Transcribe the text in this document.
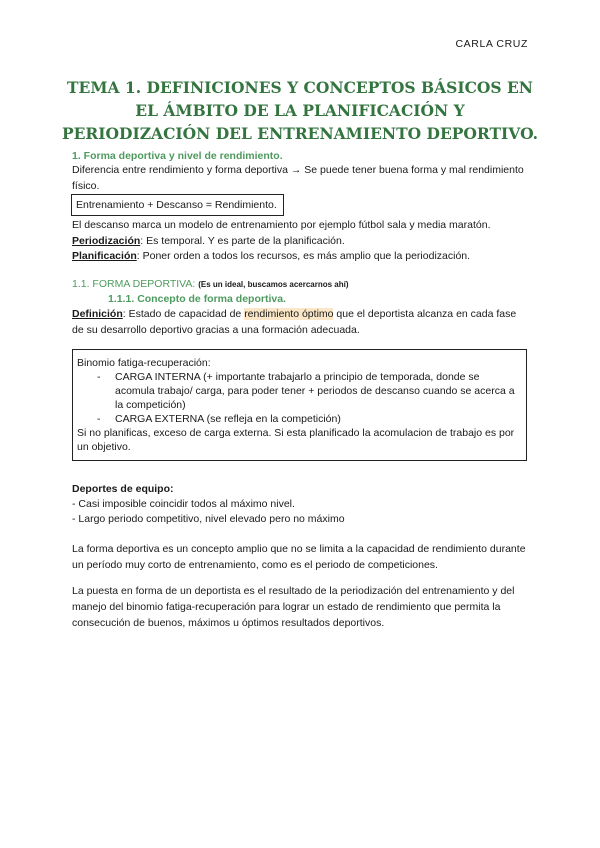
CARLA CRUZ
TEMA 1. DEFINICIONES Y CONCEPTOS BÁSICOS EN EL ÁMBITO DE LA PLANIFICACIÓN Y PERIODIZACIÓN DEL ENTRENAMIENTO DEPORTIVO.
1. Forma deportiva y nivel de rendimiento.
Diferencia entre rendimiento y forma deportiva → Se puede tener buena forma y mal rendimiento físico.
Entrenamiento + Descanso = Rendimiento.
El descanso marca un modelo de entrenamiento por ejemplo fútbol sala y media maratón.
Periodización: Es temporal. Y es parte de la planificación.
Planificación: Poner orden a todos los recursos, es más amplio que la periodización.
1.1. FORMA DEPORTIVA: (Es un ideal, buscamos acercarnos ahí)
1.1.1. Concepto de forma deportiva.
Definición: Estado de capacidad de rendimiento óptimo que el deportista alcanza en cada fase de su desarrollo deportivo gracias a una formación adecuada.
Binomio fatiga-recuperación:
- CARGA INTERNA (+ importante trabajarlo a principio de temporada, donde se acomula trabajo/ carga, para poder tener + periodos de descanso cuando se acerca a la competición)
- CARGA EXTERNA (se refleja en la competición)
Si no planificas, exceso de carga externa. Si esta planificado la acomulacion de trabajo es por un objetivo.
Deportes de equipo:
- Casi imposible coincidir todos al máximo nivel.
- Largo periodo competitivo, nivel elevado pero no máximo
La forma deportiva es un concepto amplio que no se limita a la capacidad de rendimiento durante un período muy corto de entrenamiento, como es el periodo de competiciones.
La puesta en forma de un deportista es el resultado de la periodización del entrenamiento y del manejo del binomio fatiga-recuperación para lograr un estado de rendimiento que permita la consecución de buenos, máximos u óptimos resultados deportivos.
